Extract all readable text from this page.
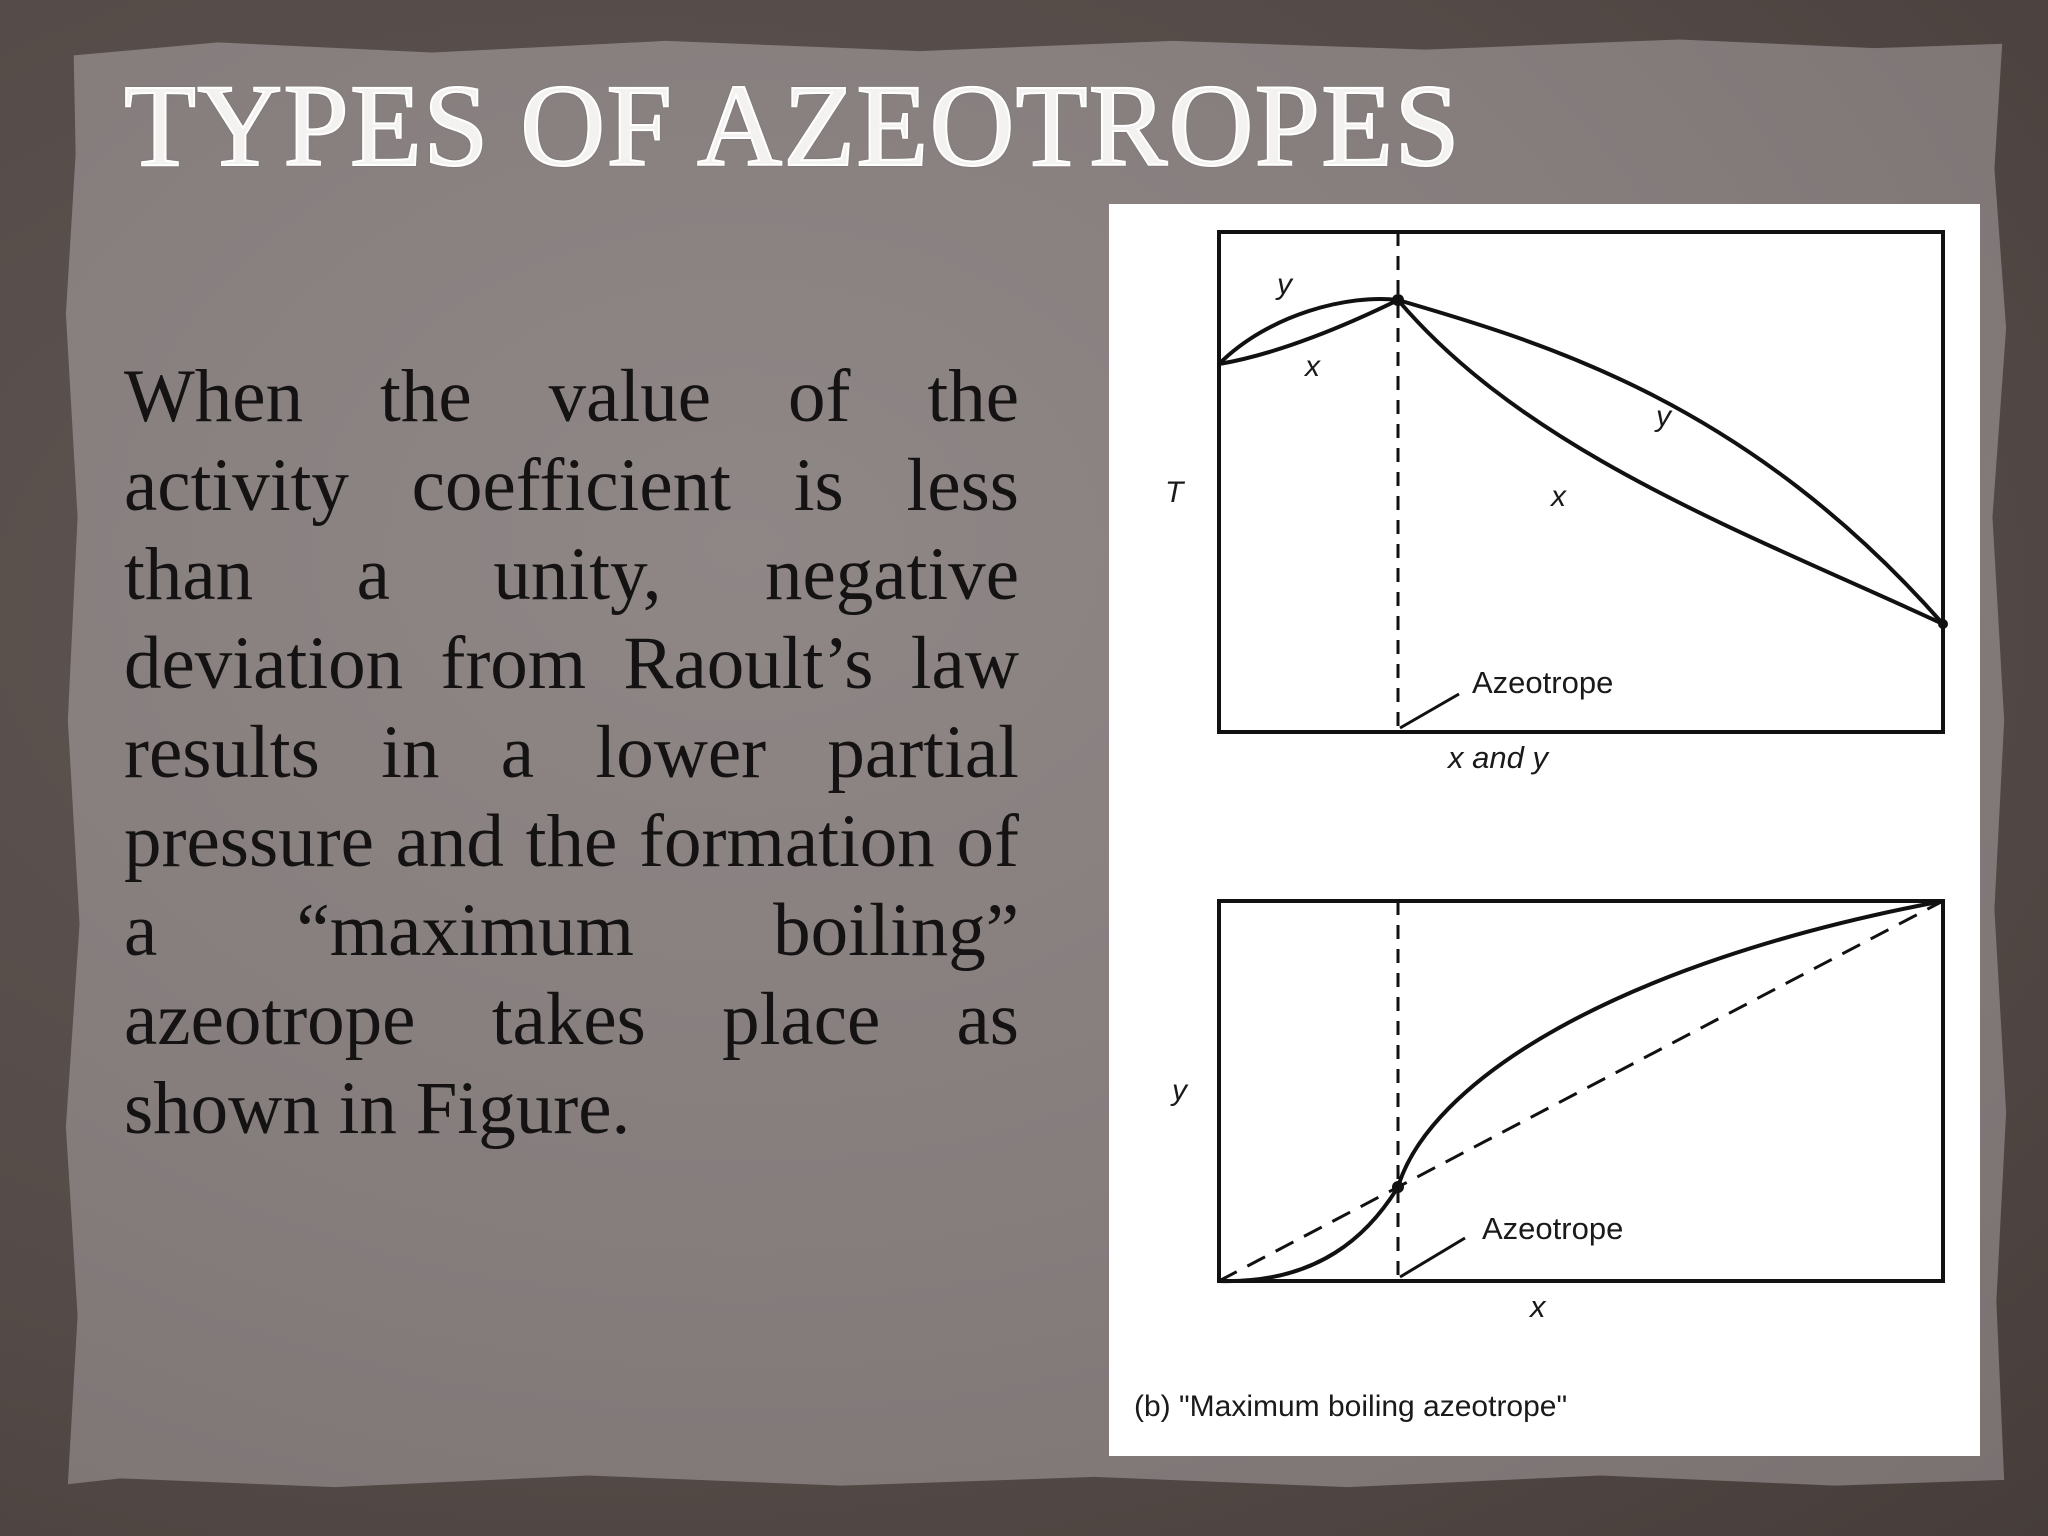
TYPES OF AZEOTROPES

When the value of the activity coefficient is less than a unity, negative deviation from Raoult’s law results in a lower partial pressure and the formation of a “maximum boiling” azeotrope takes place as shown in Figure.

y
x
y
x
T
Azeotrope
x and y
y
Azeotrope
x
(b) "Maximum boiling azeotrope"
